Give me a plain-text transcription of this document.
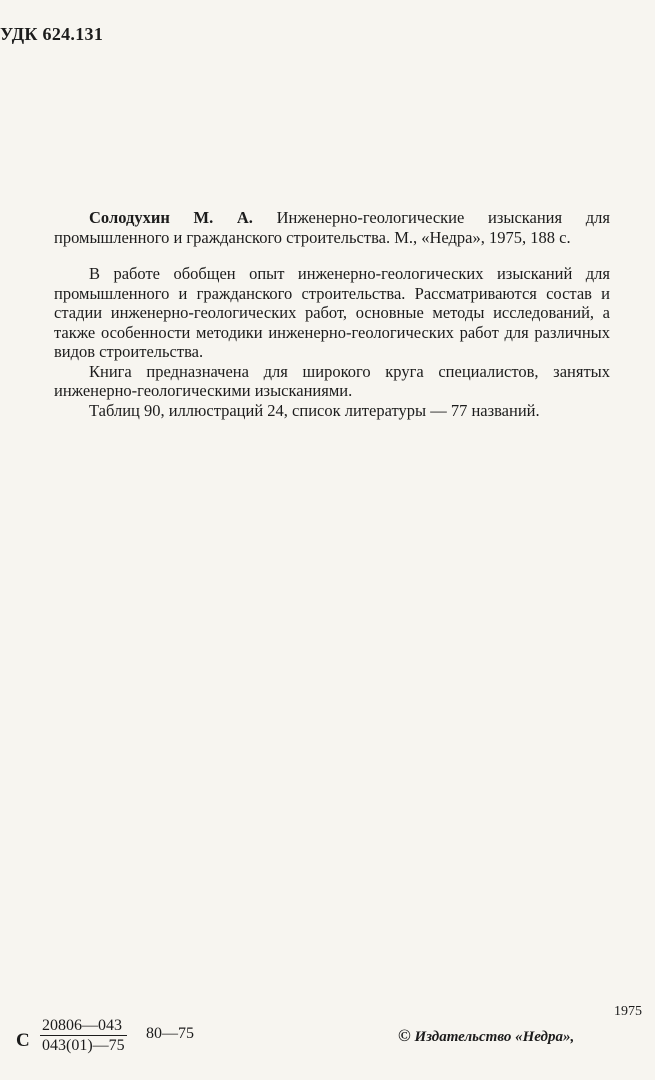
УДК 624.131

Солодухин М. А. Инженерно-геологические изыскания для промышленного и гражданского строительства. М., «Недра», 1975, 188 с.

В работе обобщен опыт инженерно-геологических изысканий для промышленного и гражданского строительства. Рассматриваются состав и стадии инженерно-геологических работ, основные методы исследований, а также особенности методики инженерно-геологических работ для различных видов строительства.

Книга предназначена для широкого круга специалистов, занятых инженерно-геологическими изысканиями.

Таблиц 90, иллюстраций 24, список литературы — 77 названий.

С $\frac{20806—043}{043(01)—75}$ 80—75	© Издательство «Недра»,
1975
